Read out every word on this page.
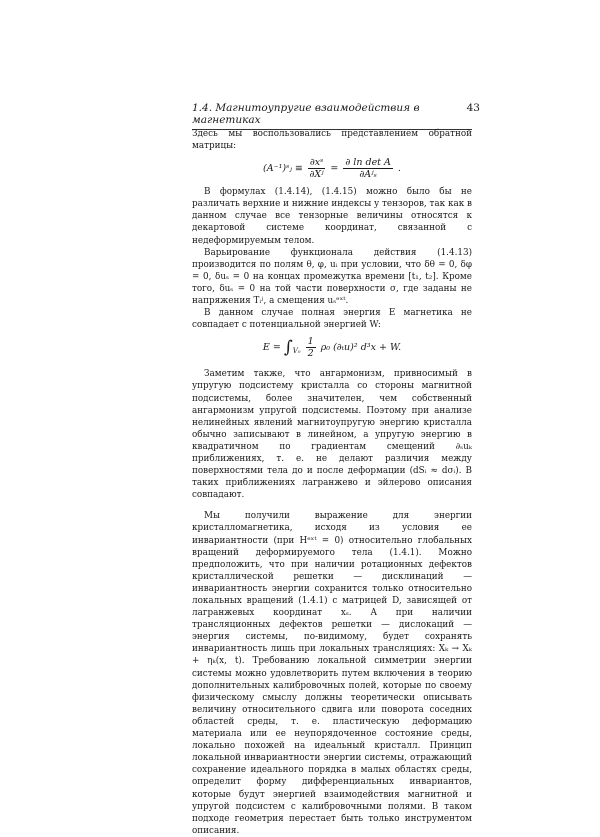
1.4. Магнитоупругие взаимодействия в магнетиках
43

Здесь мы воспользовались представлением обратной матрицы:

(A⁻¹)ˢⱼ ≡ $\frac{\text{∂xˢ}}{\text{∂Xʲ}} = \frac{\text{∂ ln det A}}{\text{∂Aʲₛ}}$ .

В формулах (1.4.14), (1.4.15) можно было бы не различать верхние и нижние индексы у тензоров, так как в данном случае все тензорные величины относятся к декартовой системе координат, связанной с недеформируемым телом.

Варьирование функционала действия (1.4.13) производится по полям θ, φ, uᵢ при условии, что δθ = 0, δφ = 0, δuₛ = 0 на концах промежутка времени [t₁, t₂]. Кроме того, δuₛ = 0 на той части поверхности σ, где заданы не напряжения Tᵢʲ, а смещения uₛᵉˣᵗ.

В данном случае полная энергия E магнетика не совпадает с потенциальной энергией W:

$E = \int_{V_0} \frac{1}{2} \rho_0$ (∂ₜu)² d³x + W.

Заметим также, что ангармонизм, привносимый в упругую подсистему кристалла со стороны магнитной подсистемы, более значителен, чем собственный ангармонизм упругой подсистемы. Поэтому при анализе нелинейных явлений магнитоупругую энергию кристалла обычно записывают в линейном, а упругую энергию в квадратичном по градиентам смещений ∂ₛuₖ приближениях, т. е. не делают различия между поверхностями тела до и после деформации (dSᵢ ≈ dσᵢ). В таких приближениях лагранжево и эйлерово описания совпадают.

Мы получили выражение для энергии кристалломагнетика, исходя из условия ее инвариантности (при Hᵉˣᵗ = 0) относительно глобальных вращений деформируемого тела (1.4.1). Можно предположить, что при наличии ротационных дефектов кристаллической решетки — дисклинаций — инвариантность энергии сохранится только относительно локальных вращений (1.4.1) с матрицей D, зависящей от лагранжевых координат xₛ. А при наличии трансляционных дефектов решетки — дислокаций — энергия системы, по-видимому, будет сохранять инвариантность лишь при локальных трансляциях: Xₖ → Xₖ + ηₖ(x, t). Требованию локальной симметрии энергии системы можно удовлетворить путем включения в теорию дополнительных калибровочных полей, которые по своему физическому смыслу должны теоретически описывать величину относительного сдвига или поворота соседних областей среды, т. е. пластическую деформацию материала или ее неупорядоченное состояние среды, локально похожей на идеальный кристалл. Принцип локальной инвариантности энергии системы, отражающий сохранение идеального порядка в малых областях среды, определит форму дифференциальных инвариантов, которые будут энергией взаимодействия магнитной и упругой подсистем с калибровочными полями. В таком подходе геометрия перестает быть только инструментом описания.
